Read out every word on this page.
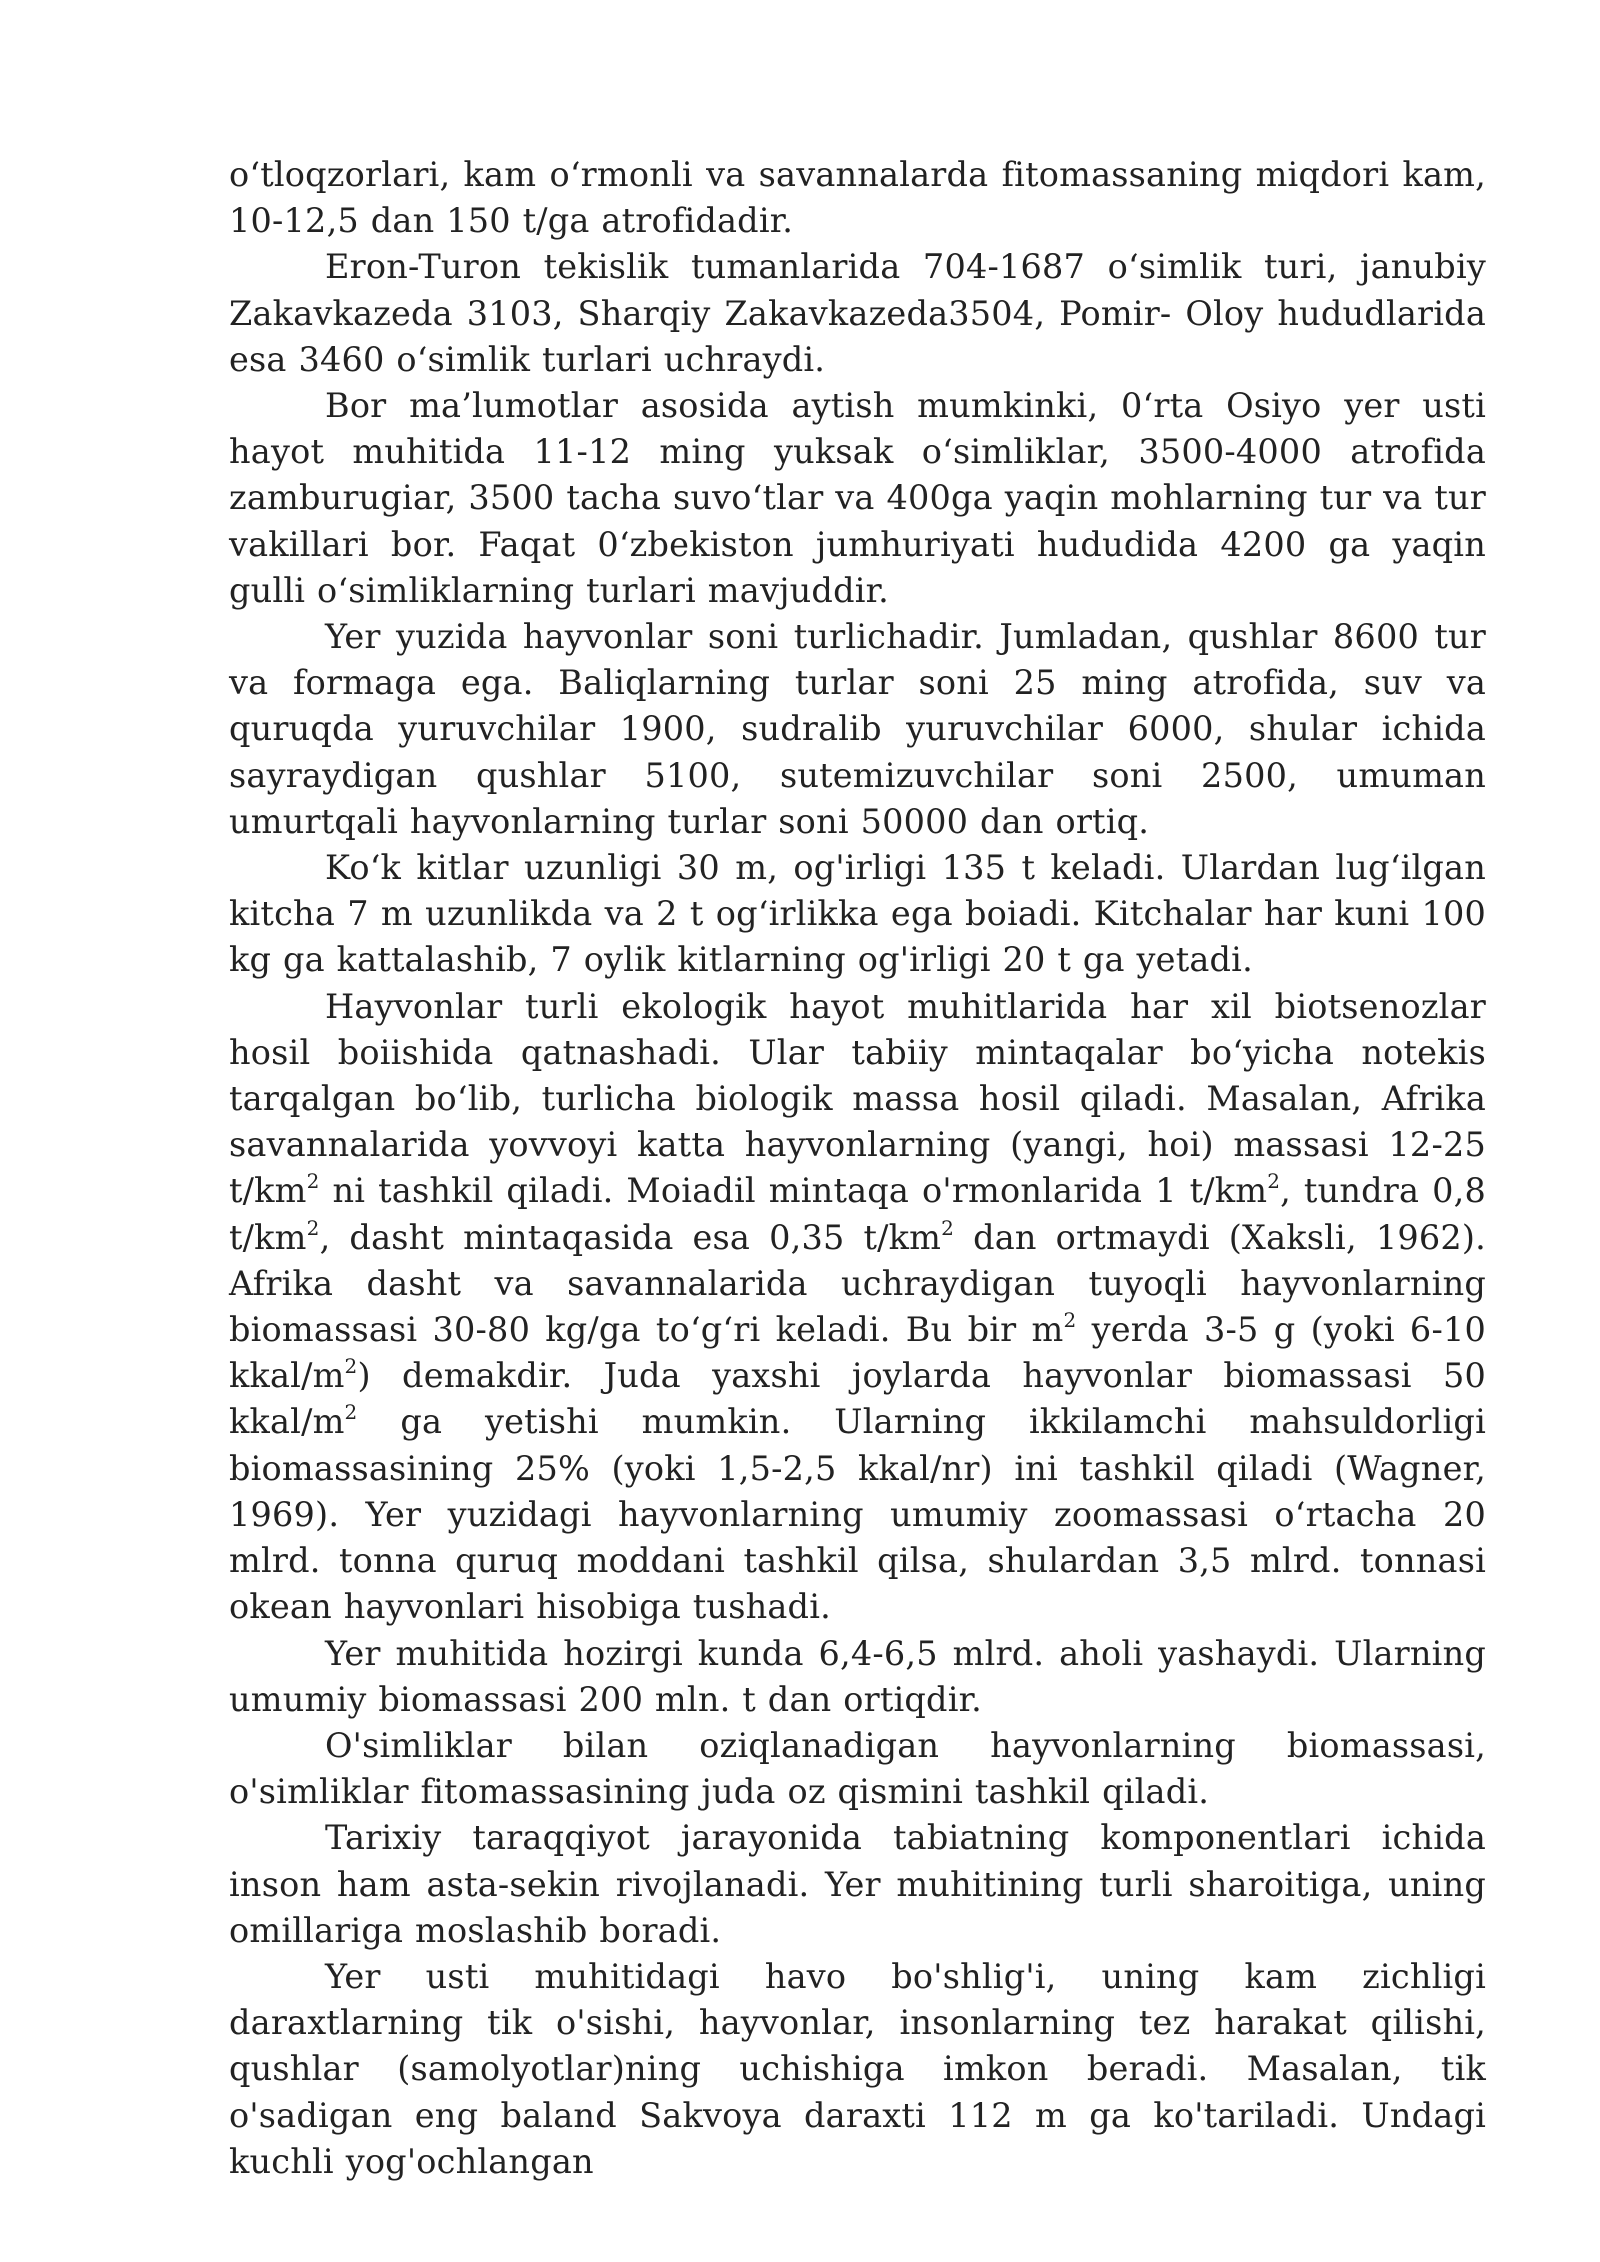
o‘tloqzorlari, kam o‘rmonli va savannalarda fitomassaning miqdori kam, 10-12,5 dan 150 t/ga atrofidadir.

Eron-Turon tekislik tumanlarida 704-1687 o‘simlik turi, janubiy Zakavkazeda 3103, Sharqiy Zakavkazeda3504, Pomir- Oloy hududlarida esa 3460 o‘simlik turlari uchraydi.

Bor ma’lumotlar asosida aytish mumkinki, 0‘rta Osiyo yer usti hayot muhitida 11-12 ming yuksak o‘simliklar, 3500-4000 atrofida zamburugiar, 3500 tacha suvo‘tlar va 400ga yaqin mohlarning tur va tur vakillari bor. Faqat 0‘zbekiston jumhuriyati hududida 4200 ga yaqin gulli o‘simliklarning turlari mavjuddir.

Yer yuzida hayvonlar soni turlichadir. Jumladan, qushlar 8600 tur va formaga ega. Baliqlarning turlar soni 25 ming atrofida, suv va quruqda yuruvchilar 1900, sudralib yuruvchilar 6000, shular ichida sayraydigan qushlar 5100, sutemizuvchilar soni 2500, umuman umurtqali hayvonlarning turlar soni 50000 dan ortiq.

Ko‘k kitlar uzunligi 30 m, og'irligi 135 t keladi. Ulardan lug‘ilgan kitcha 7 m uzunlikda va 2 t og‘irlikka ega boiadi. Kitchalar har kuni 100 kg ga kattalashib, 7 oylik kitlarning og'irligi 20 t ga yetadi.

Hayvonlar turli ekologik hayot muhitlarida har xil biotsenozlar hosil boiishida qatnashadi. Ular tabiiy mintaqalar bo‘yicha notekis tarqalgan bo‘lib, turlicha biologik massa hosil qiladi. Masalan, Afrika savannalarida yovvoyi katta hayvonlarning (yangi, hoi) massasi 12-25 $t/km^2$ ni tashkil qiladi. Moiadil mintaqa o'rmonlarida 1 $t/km^2$, tundra 0,8 $t/km^2$, dasht mintaqasida esa 0,35 $t/km^2$ dan ortmaydi (Xaksli, 1962). Afrika dasht va savannalarida uchraydigan tuyoqli hayvonlarning biomassasi 30-80 kg/ga to‘g‘ri keladi. Bu bir $m^2$ yerda 3-5 g (yoki 6-10 kkal/$m^2$) demakdir. Juda yaxshi joylarda hayvonlar biomassasi 50 kkal/$m^2$ ga yetishi mumkin. Ularning ikkilamchi mahsuldorligi biomassasining 25% (yoki 1,5-2,5 kkal/nr) ini tashkil qiladi (Wagner, 1969). Yer yuzidagi hayvonlarning umumiy zoomassasi o‘rtacha 20 mlrd. tonna quruq moddani tashkil qilsa, shulardan 3,5 mlrd. tonnasi okean hayvonlari hisobiga tushadi.

Yer muhitida hozirgi kunda 6,4-6,5 mlrd. aholi yashaydi. Ularning umumiy biomassasi 200 mln. t dan ortiqdir.

O'simliklar bilan oziqlanadigan hayvonlarning biomassasi, o'simliklar fitomassasining juda oz qismini tashkil qiladi.

Tarixiy taraqqiyot jarayonida tabiatning komponentlari ichida inson ham asta-sekin rivojlanadi. Yer muhitining turli sharoitiga, uning omillariga moslashib boradi.

Yer usti muhitidagi havo bo'shlig'i, uning kam zichligi daraxtlarning tik o'sishi, hayvonlar, insonlarning tez harakat qilishi, qushlar (samolyotlar)ning uchishiga imkon beradi. Masalan, tik o'sadigan eng baland Sakvoya daraxti 112 m ga ko'tariladi. Undagi kuchli yog'ochlangan
